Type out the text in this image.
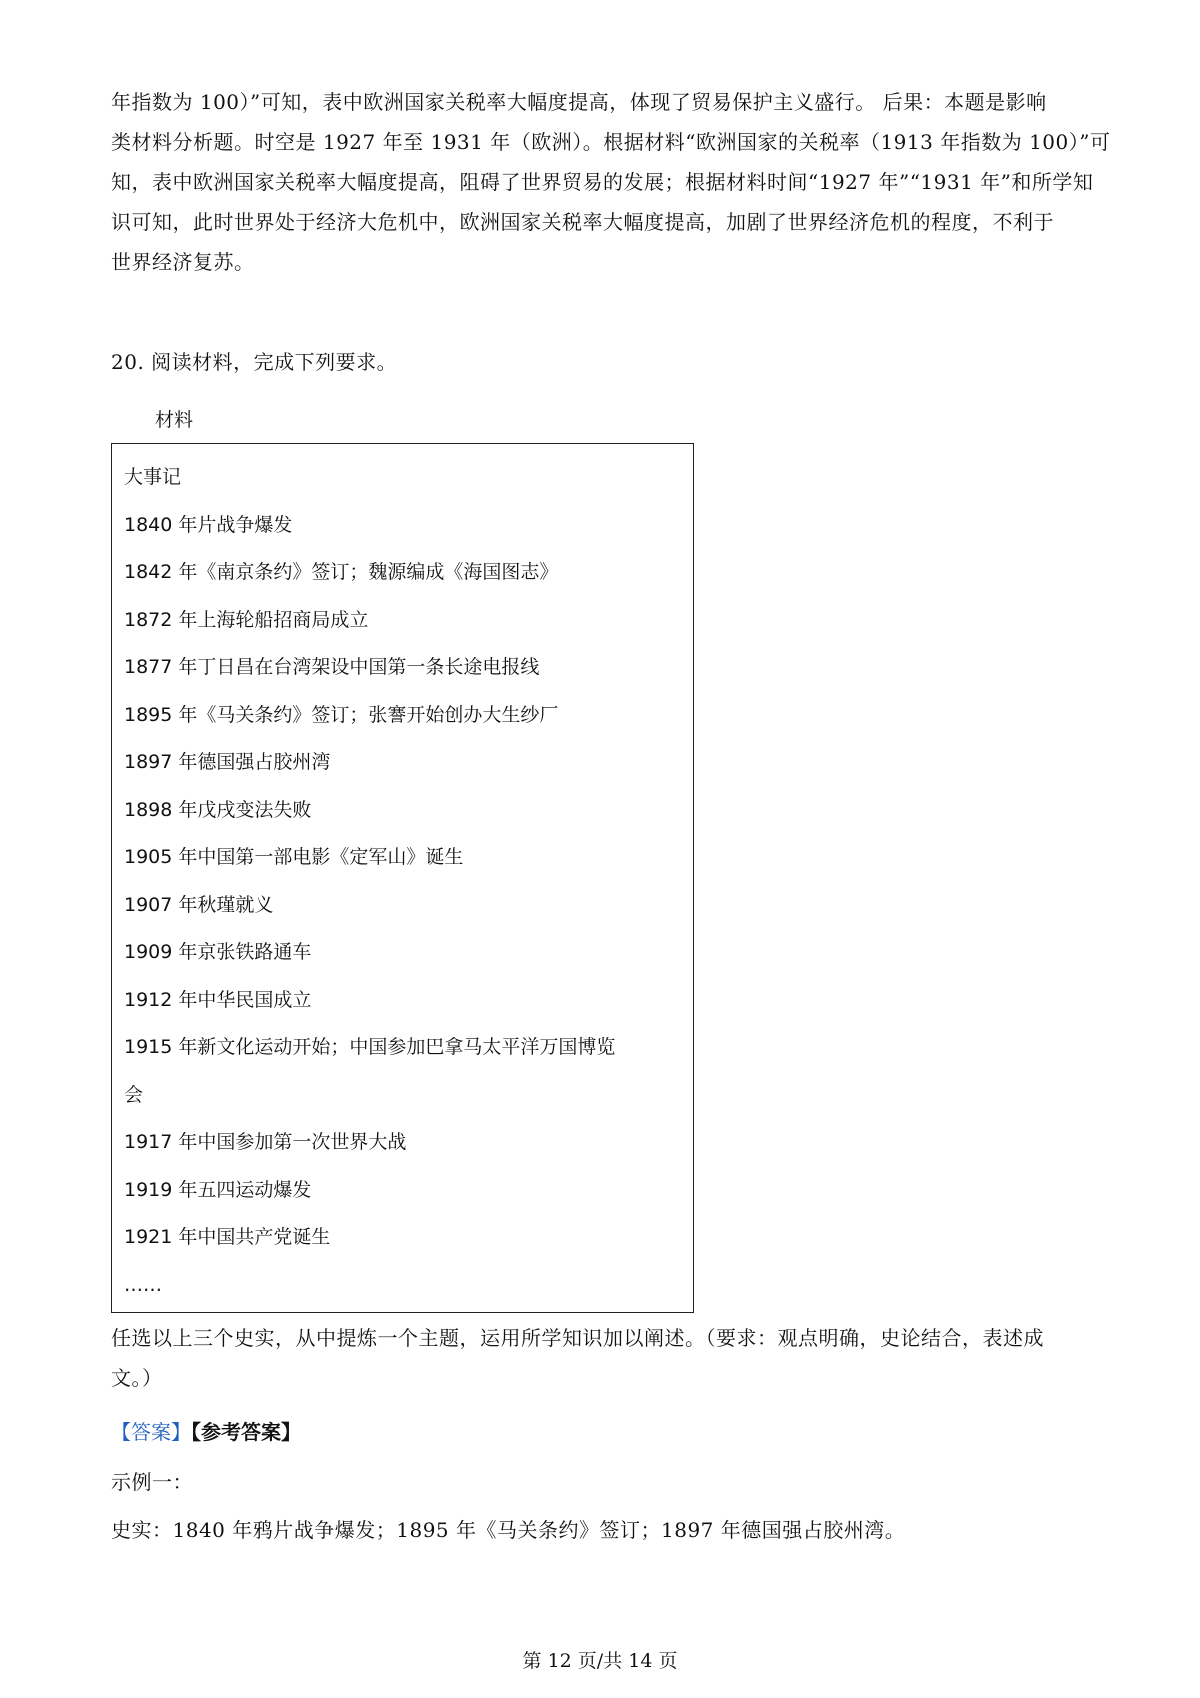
年指数为 100）”可知，表中欧洲国家关税率大幅度提高，体现了贸易保护主义盛行。 后果：本题是影响
类材料分析题。时空是 1927 年至 1931 年（欧洲）。根据材料“欧洲国家的关税率（1913 年指数为 100）”可
知，表中欧洲国家关税率大幅度提高，阻碍了世界贸易的发展；根据材料时间“1927 年”“1931 年”和所学知
识可知，此时世界处于经济大危机中，欧洲国家关税率大幅度提高，加剧了世界经济危机的程度，不利于
世界经济复苏。
20. 阅读材料，完成下列要求。
材料
大事记
1840 年片战争爆发
1842 年《南京条约》签订；魏源编成《海国图志》
1872 年上海轮船招商局成立
1877 年丁日昌在台湾架设中国第一条长途电报线
1895 年《马关条约》签订；张謇开始创办大生纱厂
1897 年德国强占胶州湾
1898 年戊戌变法失败
1905 年中国第一部电影《定军山》诞生
1907 年秋瑾就义
1909 年京张铁路通车
1912 年中华民国成立
1915 年新文化运动开始；中国参加巴拿马太平洋万国博览
会
1917 年中国参加第一次世界大战
1919 年五四运动爆发
1921 年中国共产党诞生
……
任选以上三个史实，从中提炼一个主题，运用所学知识加以阐述。（要求：观点明确，史论结合，表述成
文。）
【答案】【参考答案】
示例一：
史实：1840 年鸦片战争爆发；1895 年《马关条约》签订；1897 年德国强占胶州湾。
第 12 页/共 14 页
